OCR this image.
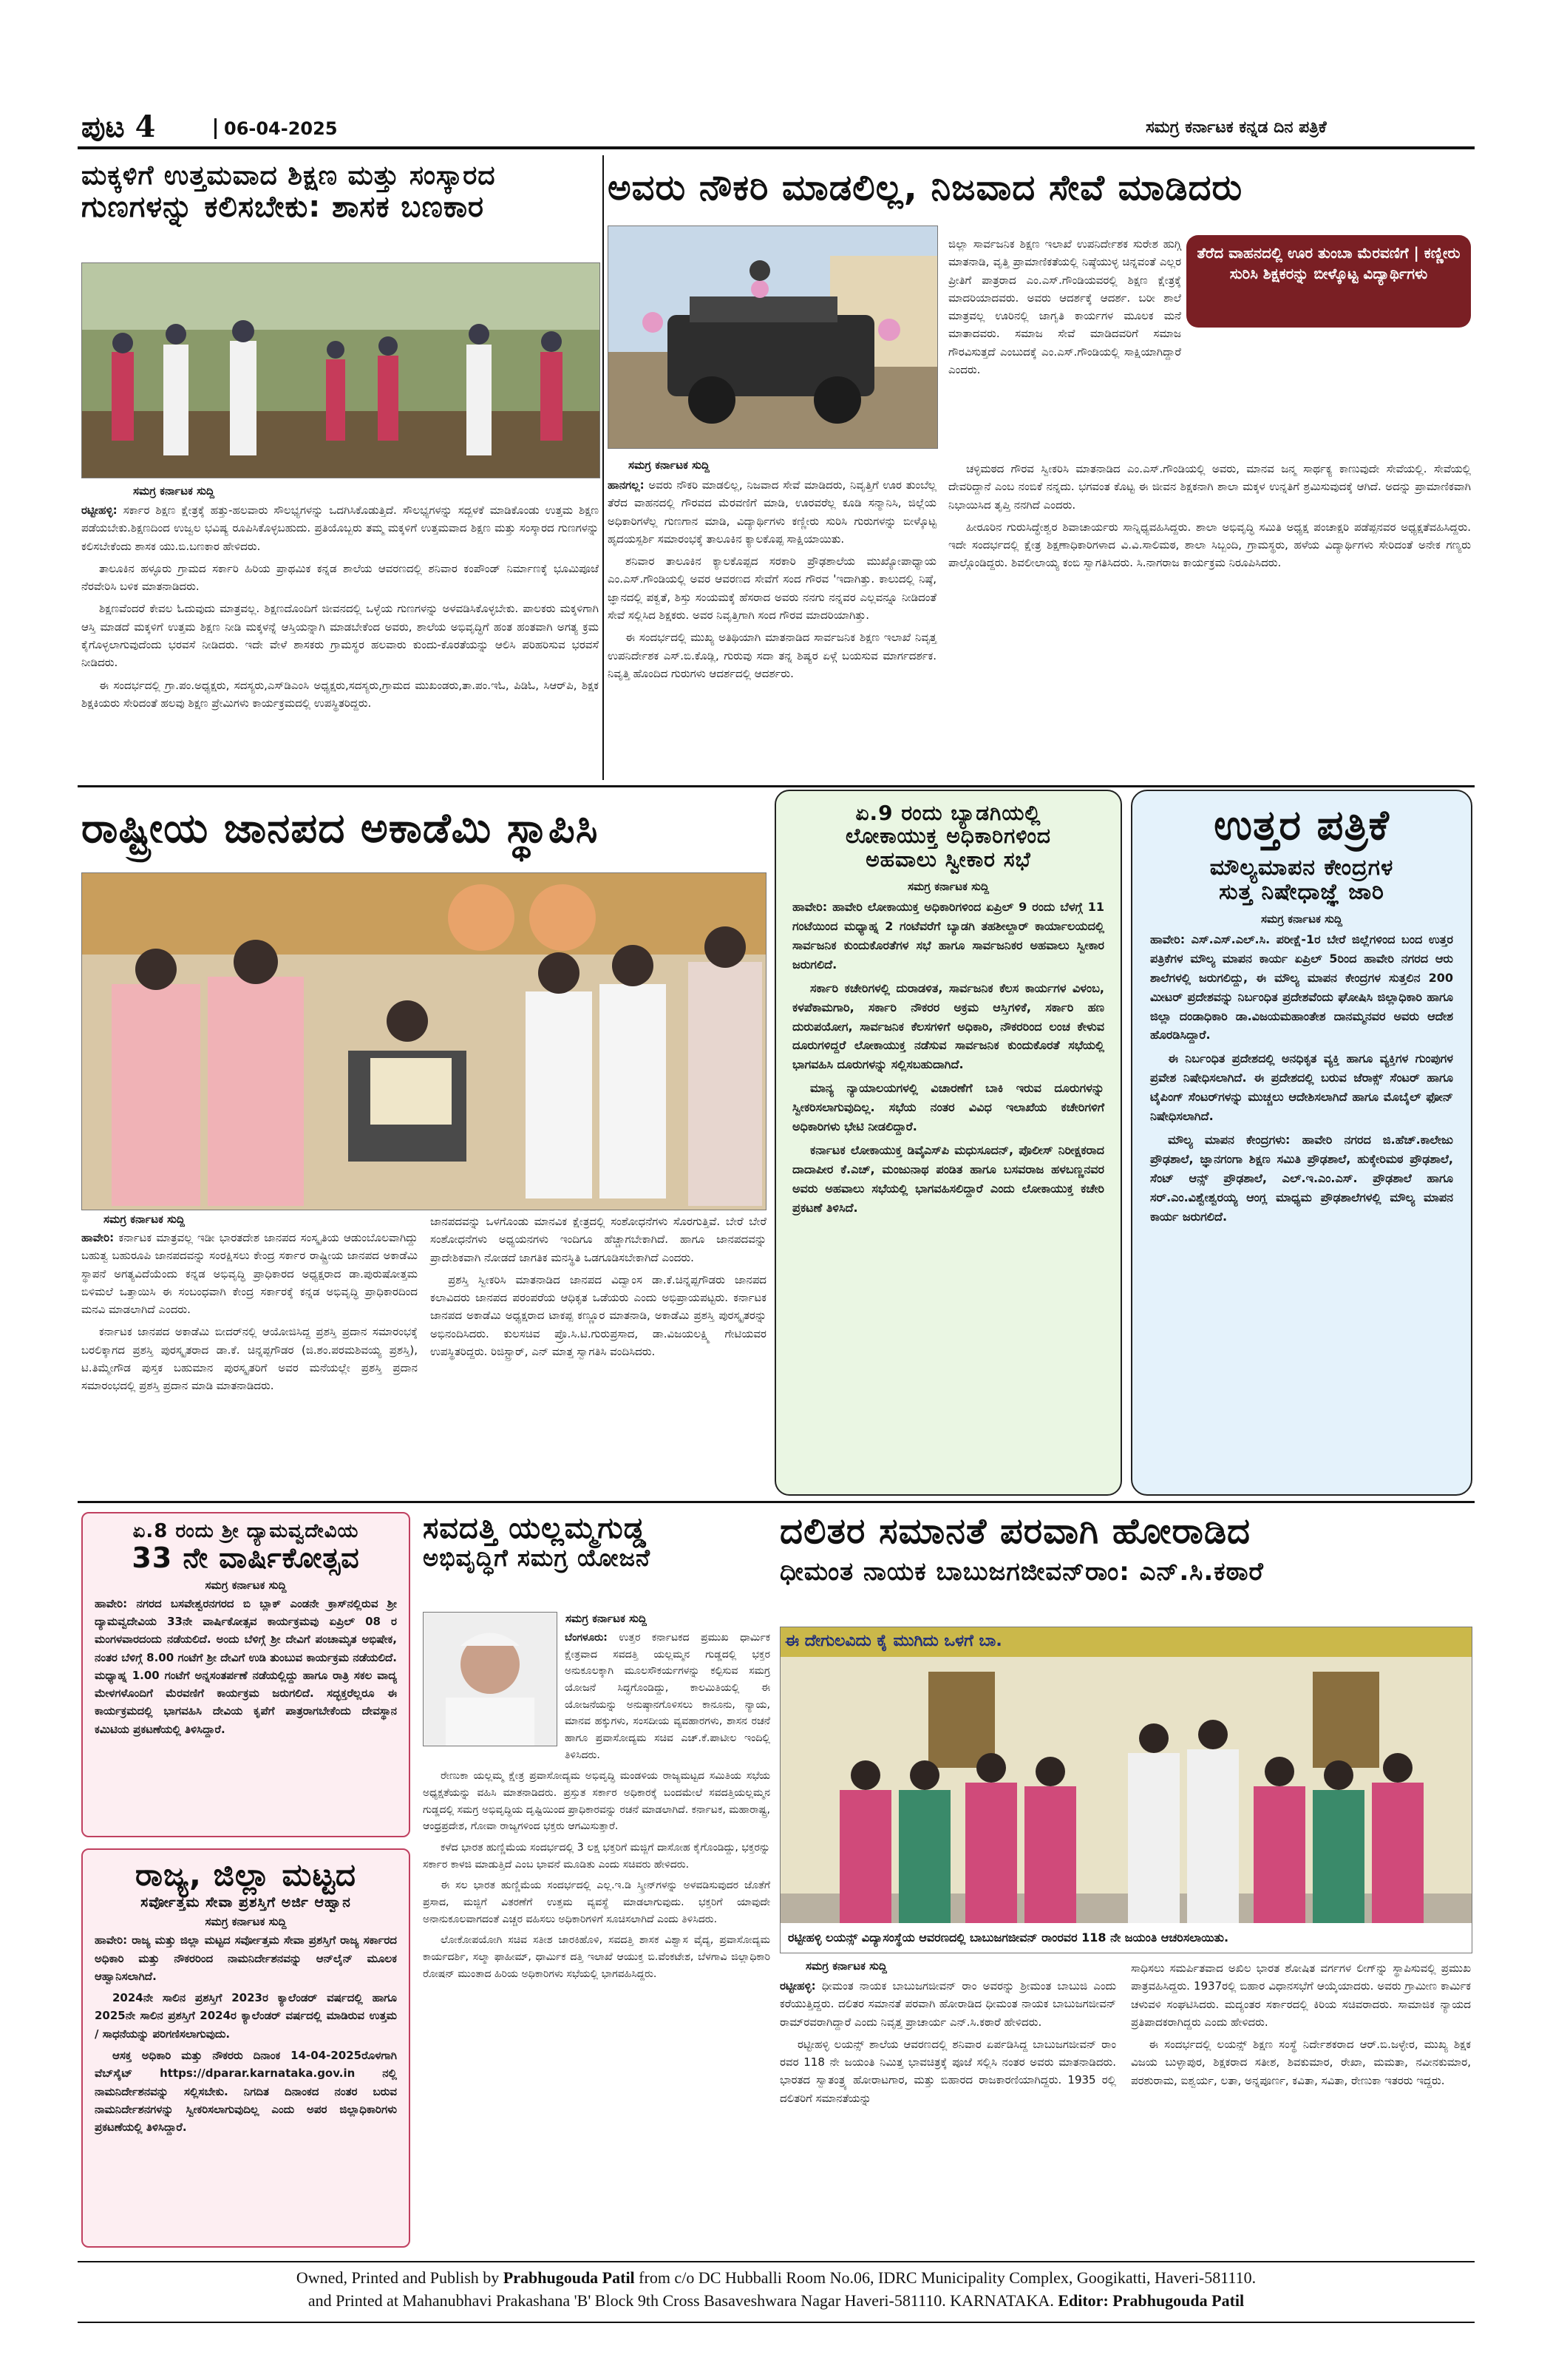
ಪುಟ 4	06-04-2025	ಸಮಗ್ರ ಕರ್ನಾಟಕ ಕನ್ನಡ ದಿನ ಪತ್ರಿಕೆ
ಮಕ್ಕಳಿಗೆ ಉತ್ತಮವಾದ ಶಿಕ್ಷಣ ಮತ್ತು ಸಂಸ್ಕಾರದ
ಗುಣಗಳನ್ನು ಕಲಿಸಬೇಕು: ಶಾಸಕ ಬಣಕಾರ
ಸಮಗ್ರ ಕರ್ನಾಟಕ ಸುದ್ದಿ

ರಟ್ಟೀಹಳ್ಳಿ: ಸರ್ಕಾರ ಶಿಕ್ಷಣ ಕ್ಷೇತ್ರಕ್ಕೆ ಹತ್ತು-ಹಲವಾರು ಸೌಲಭ್ಯಗಳನ್ನು ಒದಗಿಸಿಕೊಡುತ್ತಿದೆ. ಸೌಲಭ್ಯಗಳನ್ನು ಸದ್ಬಳಕೆ ಮಾಡಿಕೊಂಡು ಉತ್ತಮ ಶಿಕ್ಷಣ ಪಡೆಯಬೇಕು.ಶಿಕ್ಷಣದಿಂದ ಉಜ್ವಲ ಭವಿಷ್ಯ ರೂಪಿಸಿಕೊಳ್ಳಬಹುದು. ಪ್ರತಿಯೊಬ್ಬರು ತಮ್ಮ ಮಕ್ಕಳಿಗೆ ಉತ್ತಮವಾದ ಶಿಕ್ಷಣ ಮತ್ತು ಸಂಸ್ಕಾರದ ಗುಣಗಳನ್ನು ಕಲಿಸಬೇಕೆಂದು ಶಾಸಕ ಯು.ಬಿ.ಬಣಕಾರ ಹೇಳಿದರು.

ತಾಲೂಕಿನ ಹಳ್ಳೂರು ಗ್ರಾಮದ ಸರ್ಕಾರಿ ಹಿರಿಯ ಪ್ರಾಥಮಿಕ ಕನ್ನಡ ಶಾಲೆಯ ಆವರಣದಲ್ಲಿ ಶನಿವಾರ ಕಂಪೌಂಡ್ ನಿರ್ಮಾಣಕ್ಕೆ ಭೂಮಿಪೂಜೆ ನೆರವೇರಿಸಿ ಬಳಿಕ ಮಾತನಾಡಿದರು.

ಶಿಕ್ಷಣವೆಂದರೆ ಕೇವಲ ಓದುವುದು ಮಾತ್ರವಲ್ಲ. ಶಿಕ್ಷಣದೊಂದಿಗೆ ಜೀವನದಲ್ಲಿ ಒಳ್ಳೆಯ ಗುಣಗಳನ್ನು ಅಳವಡಿಸಿಕೊಳ್ಳಬೇಕು. ಪಾಲಕರು ಮಕ್ಕಳಿಗಾಗಿ ಆಸ್ತಿ ಮಾಡದೆ ಮಕ್ಕಳಿಗೆ ಉತ್ತಮ ಶಿಕ್ಷಣ ನೀಡಿ ಮಕ್ಕಳನ್ನೆ ಆಸ್ತಿಯನ್ನಾಗಿ ಮಾಡಬೇಕೆಂದ ಅವರು, ಶಾಲೆಯ ಅಭಿವೃದ್ಧಿಗೆ ಹಂತ ಹಂತವಾಗಿ ಅಗತ್ಯ ಕ್ರಮ ಕೈಗೊಳ್ಳಲಾಗುವುದೆಂದು ಭರವಸೆ ನೀಡಿದರು. ಇದೇ ವೇಳೆ ಶಾಸಕರು ಗ್ರಾಮಸ್ಥರ ಹಲವಾರು ಕುಂದು-ಕೊರತೆಯನ್ನು ಆಲಿಸಿ ಪರಿಹರಿಸುವ ಭರವಸೆ ನೀಡಿದರು.

ಈ ಸಂದರ್ಭದಲ್ಲಿ ಗ್ರಾ.ಪಂ.ಅಧ್ಯಕ್ಷರು, ಸದಸ್ಯರು,ಎಸ್‌ಡಿಎಂಸಿ ಅಧ್ಯಕ್ಷರು,ಸದಸ್ಯರು,ಗ್ರಾಮದ ಮುಖಂಡರು,ತಾ.ಪಂ.ಇಓ, ಪಿಡಿಓ, ಸಿಆರ್‌ಪಿ, ಶಿಕ್ಷಕ ಶಿಕ್ಷಕಿಯರು ಸೇರಿದಂತೆ ಹಲವು ಶಿಕ್ಷಣ ಪ್ರೇಮಿಗಳು ಕಾರ್ಯಕ್ರಮದಲ್ಲಿ ಉಪಸ್ಥಿತರಿದ್ದರು.

ಅವರು ನೌಕರಿ ಮಾಡಲಿಲ್ಲ, ನಿಜವಾದ ಸೇವೆ ಮಾಡಿದರು
ತೆರೆದ ವಾಹನದಲ್ಲಿ ಊರ ತುಂಬಾ ಮೆರವಣಿಗೆ | ಕಣ್ಣೀರು ಸುರಿಸಿ ಶಿಕ್ಷಕರನ್ನು ಬೀಳ್ಕೊಟ್ಟ ವಿದ್ಯಾರ್ಥಿಗಳು
ಸಮಗ್ರ ಕರ್ನಾಟಕ ಸುದ್ದಿ

ಹಾನಗಲ್ಲ: ಅವರು ನೌಕರಿ ಮಾಡಲಿಲ್ಲ, ನಿಜವಾದ ಸೇವೆ ಮಾಡಿದರು, ನಿವೃತ್ತಿಗೆ ಊರ ತುಂಬೆಲ್ಲ ತೆರೆದ ವಾಹನದಲ್ಲಿ ಗೌರವದ ಮೆರವಣಿಗೆ ಮಾಡಿ, ಊರವರೆಲ್ಲ ಕೂಡಿ ಸನ್ಮಾನಿಸಿ, ಜಿಲ್ಲೆಯ ಅಧಿಕಾರಿಗಳೆಲ್ಲ ಗುಣಗಾನ ಮಾಡಿ, ವಿದ್ಯಾರ್ಥಿಗಳು ಕಣ್ಣೀರು ಸುರಿಸಿ ಗುರುಗಳನ್ನು ಬೀಳ್ಕೊಟ್ಟ ಹೃದಯಸ್ಪರ್ಶಿ ಸಮಾರಂಭಕ್ಕೆ ತಾಲೂಕಿನ ಕ್ಯಾಲಕೊಪ್ಪ ಸಾಕ್ಷಿಯಾಯಿತು.

ಶನಿವಾರ ತಾಲೂಕಿನ ಕ್ಯಾಲಕೊಪ್ಪದ ಸರಕಾರಿ ಪ್ರೌಢಶಾಲೆಯ ಮುಖ್ಯೋಪಾಧ್ಯಾಯ ಎಂ.ಎಸ್.ಗೌಂಡಿಯಲ್ಲಿ ಅವರ ಆವರಣದ ಸೇವೆಗೆ ಸಂದ ಗೌರವ 'ಇದಾಗಿತ್ತು. ಕಾಲುದಲ್ಲಿ ನಿಷ್ಠೆ, ಜ್ಞಾನದಲ್ಲಿ ಪಕ್ವತೆ, ಶಿಸ್ತು ಸಂಯಮಕ್ಕೆ ಹೆಸರಾದ ಅವರು ನನಗು ನನ್ನವರ ಎಲ್ಲವನ್ನೂ ನೀಡಿದಂತೆ ಸೇವೆ ಸಲ್ಲಿಸಿದ ಶಿಕ್ಷಕರು. ಅವರ ನಿವೃತ್ತಿಗಾಗಿ ಸಂದ ಗೌರವ ಮಾದರಿಯಾಗಿತ್ತು.

ಈ ಸಂದರ್ಭದಲ್ಲಿ ಮುಖ್ಯ ಅತಿಥಿಯಾಗಿ ಮಾತನಾಡಿದ ಸಾರ್ವಜನಿಕ ಶಿಕ್ಷಣ ಇಲಾಖೆ ನಿವೃತ್ತ ಉಪನಿರ್ದೇಶಕ ಎಸ್.ಬಿ.ಕೊಡ್ಲಿ, ಗುರುವು ಸದಾ ತನ್ನ ಶಿಷ್ಯರ ಏಳ್ಗೆ ಬಯಸುವ ಮಾರ್ಗದರ್ಶಕ. ನಿವೃತ್ತಿ ಹೊಂದಿದ ಗುರುಗಳು ಆದರ್ಶದಲ್ಲಿ ಆದರ್ಶರು.

ಜಿಲ್ಲಾ ಸಾರ್ವಜನಿಕ ಶಿಕ್ಷಣ ಇಲಾಖೆ ಉಪನಿರ್ದೇಶಕ ಸುರೇಶ ಹುಗ್ಗಿ ಮಾತನಾಡಿ, ವೃತ್ತಿ ಪ್ರಾಮಾಣಿಕತೆಯಲ್ಲಿ ನಿಷ್ಠೆಯುಳ್ಳ ಚಿನ್ನವಂತೆ ಎಲ್ಲರ ಪ್ರೀತಿಗೆ ಪಾತ್ರರಾದ ಎಂ.ಎಸ್.ಗೌಂಡಿಯವರಲ್ಲಿ ಶಿಕ್ಷಣ ಕ್ಷೇತ್ರಕ್ಕೆ ಮಾದರಿಯಾದವರು. ಅವರು ಆದರ್ಶಕ್ಕೆ ಆದರ್ಶ. ಬರೀ ಶಾಲೆ ಮಾತ್ರವಲ್ಲ ಊರಿನಲ್ಲಿ ಜಾಗೃತಿ ಕಾರ್ಯಗಳ ಮೂಲಕ ಮನೆ ಮಾತಾದವರು. ಸಮಾಜ ಸೇವೆ ಮಾಡಿದವರಿಗೆ ಸಮಾಜ ಗೌರವಿಸುತ್ತದೆ ಎಂಬುದಕ್ಕೆ ಎಂ.ಎಸ್.ಗೌಂಡಿಯಲ್ಲಿ ಸಾಕ್ಷಿಯಾಗಿದ್ದಾರೆ ಎಂದರು.

ಚಳ್ಳಿಮಠದ ಗೌರವ ಸ್ವೀಕರಿಸಿ ಮಾತನಾಡಿದ ಎಂ.ಎಸ್.ಗೌಂಡಿಯಲ್ಲಿ ಅವರು, ಮಾನವ ಜನ್ಮ ಸಾರ್ಥಕ್ಯ ಕಾಣುವುದೇ ಸೇವೆಯಲ್ಲಿ. ಸೇವೆಯಲ್ಲಿ ದೇವರಿದ್ದಾನೆ ಎಂಬ ನಂಬಿಕೆ ನನ್ನದು. ಭಗವಂತ ಕೊಟ್ಟ ಈ ಜೀವನ ಶಿಕ್ಷಕನಾಗಿ ಶಾಲಾ ಮಕ್ಕಳ ಉನ್ನತಿಗೆ ಶ್ರಮಿಸುವುದಕ್ಕೆ ಆಗಿದೆ. ಅದನ್ನು ಪ್ರಾಮಾಣಿಕವಾಗಿ ನಿಭಾಯಿಸಿದ ತೃಪ್ತಿ ನನಗಿದೆ ಎಂದರು.

ಹೀರೂರಿನ ಗುರುಸಿದ್ಧೇಶ್ವರ ಶಿವಾಚಾರ್ಯರು ಸಾನ್ನಿಧ್ಯವಹಿಸಿದ್ದರು. ಶಾಲಾ ಅಭಿವೃದ್ಧಿ ಸಮಿತಿ ಅಧ್ಯಕ್ಷ ಪಂಚಾಕ್ಷರಿ ಪಡೆಪ್ಪನವರ ಅಧ್ಯಕ್ಷತೆವಹಿಸಿದ್ದರು. ಇದೇ ಸಂದರ್ಭದಲ್ಲಿ ಕ್ಷೇತ್ರ ಶಿಕ್ಷಣಾಧಿಕಾರಿಗಳಾದ ವಿ.ವಿ.ಸಾಲಿಮಠ, ಶಾಲಾ ಸಿಬ್ಬಂದಿ, ಗ್ರಾಮಸ್ಥರು, ಹಳೆಯ ವಿದ್ಯಾರ್ಥಿಗಳು ಸೇರಿದಂತೆ ಅನೇಕ ಗಣ್ಯರು ಪಾಲ್ಗೊಂಡಿದ್ದರು. ಶಿವಲೀಲಾಯ್ಯ ಕಂಬಿ ಸ್ವಾಗತಿಸಿದರು. ಸಿ.ನಾಗರಾಜ ಕಾರ್ಯಕ್ರಮ ನಿರೂಪಿಸಿದರು.

ರಾಷ್ಟ್ರೀಯ ಜಾನಪದ ಅಕಾಡೆಮಿ ಸ್ಥಾಪಿಸಿ
ಸಮಗ್ರ ಕರ್ನಾಟಕ ಸುದ್ದಿ

ಹಾವೇರಿ: ಕರ್ನಾಟಕ ಮಾತ್ರವಲ್ಲ ಇಡೀ ಭಾರತದೇಶ ಜಾನಪದ ಸಂಸ್ಕೃತಿಯ ಆಡುಂಬೊಲವಾಗಿದ್ದು ಬಹುತ್ವ ಬಹುರೂಪಿ ಜಾನಪದವನ್ನು ಸಂರಕ್ಷಿಸಲು ಕೇಂದ್ರ ಸರ್ಕಾರ ರಾಷ್ಟ್ರೀಯ ಜಾನಪದ ಅಕಾಡೆಮಿ ಸ್ಥಾಪನೆ ಅಗತ್ಯವಿದೆಯೆಂದು ಕನ್ನಡ ಅಭಿವೃದ್ಧಿ ಪ್ರಾಧಿಕಾರದ ಅಧ್ಯಕ್ಷರಾದ ಡಾ.ಪುರುಷೋತ್ತಮ ಬಿಳಿಮಲೆ ಒತ್ತಾಯಿಸಿ ಈ ಸಂಬಂಧವಾಗಿ ಕೇಂದ್ರ ಸರ್ಕಾರಕ್ಕೆ ಕನ್ನಡ ಅಭಿವೃದ್ಧಿ ಪ್ರಾಧಿಕಾರದಿಂದ ಮನವಿ ಮಾಡಲಾಗಿದೆ ಎಂದರು.

ಕರ್ನಾಟಕ ಜಾನಪದ ಅಕಾಡೆಮಿ ಬೀದರ್‌ನಲ್ಲಿ ಆಯೋಜಿಸಿದ್ದ ಪ್ರಶಸ್ತಿ ಪ್ರದಾನ ಸಮಾರಂಭಕ್ಕೆ ಬರಲಿಕ್ಕಾಗದ ಪ್ರಶಸ್ತಿ ಪುರಸ್ಕೃತರಾದ ಡಾ.ಕೆ. ಚಿನ್ನಪ್ಪಗೌಡರ (ಜಿ.ಶಂ.ಪರಮಶಿವಯ್ಯ ಪ್ರಶಸ್ತಿ), ಟಿ.ತಿಮ್ಮೇಗೌಡ ಪುಸ್ತಕ ಬಹುಮಾನ ಪುರಸ್ಕೃತರಿಗೆ ಅವರ ಮನೆಯಲ್ಲೇ ಪ್ರಶಸ್ತಿ ಪ್ರದಾನ ಸಮಾರಂಭದಲ್ಲಿ ಪ್ರಶಸ್ತಿ ಪ್ರದಾನ ಮಾಡಿ ಮಾತನಾಡಿದರು.

ಜಾನಪದವನ್ನು ಒಳಗೊಂಡು ಮಾನವಿಕ ಕ್ಷೇತ್ರದಲ್ಲಿ ಸಂಶೋಧನೆಗಳು ಸೊರಗುತ್ತಿವೆ. ಬೇರೆ ಬೇರೆ ಸಂಶೋಧನೆಗಳು ಅಧ್ಯಯನಗಳು ಇಂದಿಗೂ ಹೆಚ್ಚಾಗಬೇಕಾಗಿದೆ. ಹಾಗೂ ಜಾನಪದವನ್ನು ಪ್ರಾದೇಶಿಕವಾಗಿ ನೋಡದೆ ಜಾಗತಿಕ ಮನಸ್ಥಿತಿ ಒಡಗೂಡಿಸಬೇಕಾಗಿದೆ ಎಂದರು.

ಪ್ರಶಸ್ತಿ ಸ್ವೀಕರಿಸಿ ಮಾತನಾಡಿದ ಜಾನಪದ ವಿದ್ವಾಂಸ ಡಾ.ಕೆ.ಚಿನ್ನಪ್ಪಗೌಡರು ಜಾನಪದ ಕಲಾವಿದರು ಜಾನಪದ ಪರಂಪರೆಯ ಆಧಿಕೃತ ಒಡೆಯರು ಎಂದು ಅಭಿಪ್ರಾಯಪಟ್ಟರು. ಕರ್ನಾಟಕ ಜಾನಪದ ಅಕಾಡೆಮಿ ಅಧ್ಯಕ್ಷರಾದ ಟಾಕಪ್ಪ ಕಣ್ಣೂರ ಮಾತನಾಡಿ, ಅಕಾಡೆಮಿ ಪ್ರಶಸ್ತಿ ಪುರಸ್ಕೃತರನ್ನು ಅಭಿನಂದಿಸಿದರು. ಕುಲಸಚಿವ ಪ್ರೊ.ಸಿ.ಟಿ.ಗುರುಪ್ರಸಾದ, ಡಾ.ವಿಜಯಲಕ್ಷ್ಮಿ ಗೇಟಿಯವರ ಉಪಸ್ಥಿತರಿದ್ದರು. ರಿಜಿಸ್ಟ್ರಾರ್, ಎನ್ ಮಾತ್ತ ಸ್ವಾಗತಿಸಿ ವಂದಿಸಿದರು.

ಏ.9 ರಂದು ಬ್ಯಾಡಗಿಯಲ್ಲಿ
ಲೋಕಾಯುಕ್ತ ಅಧಿಕಾರಿಗಳಿಂದ
ಅಹವಾಲು ಸ್ವೀಕಾರ ಸಭೆ
ಸಮಗ್ರ ಕರ್ನಾಟಕ ಸುದ್ದಿ

ಹಾವೇರಿ: ಹಾವೇರಿ ಲೋಕಾಯುಕ್ತ ಅಧಿಕಾರಿಗಳಿಂದ ಏಪ್ರಿಲ್ 9 ರಂದು ಬೆಳಗ್ಗೆ 11 ಗಂಟೆಯಿಂದ ಮಧ್ಯಾಹ್ನ 2 ಗಂಟೆವರೆಗೆ ಬ್ಯಾಡಗಿ ತಹಶೀಲ್ದಾರ್ ಕಾರ್ಯಾಲಯದಲ್ಲಿ ಸಾರ್ವಜನಿಕ ಕುಂದುಕೊರತೆಗಳ ಸಭೆ ಹಾಗೂ ಸಾರ್ವಜನಿಕರ ಅಹವಾಲು ಸ್ವೀಕಾರ ಜರುಗಲಿದೆ.

ಸರ್ಕಾರಿ ಕಚೇರಿಗಳಲ್ಲಿ ದುರಾಡಳಿತ, ಸಾರ್ವಜನಿಕ ಕೆಲಸ ಕಾರ್ಯಗಳ ವಿಳಂಬ, ಕಳಪೆಕಾಮಗಾರಿ, ಸರ್ಕಾರಿ ನೌಕರರ ಅಕ್ರಮ ಆಸ್ತಿಗಳಿಕೆ, ಸರ್ಕಾರಿ ಹಣ ದುರುಪಯೋಗ, ಸಾರ್ವಜನಿಕ ಕೆಲಸಗಳಿಗೆ ಅಧಿಕಾರಿ, ನೌಕರರಿಂದ ಲಂಚ ಕೇಳುವ ದೂರುಗಳಿದ್ದರೆ ಲೋಕಾಯುಕ್ತ ನಡೆಸುವ ಸಾರ್ವಜನಿಕ ಕುಂದುಕೊರತೆ ಸಭೆಯಲ್ಲಿ ಭಾಗವಹಿಸಿ ದೂರುಗಳನ್ನು ಸಲ್ಲಿಸಬಹುದಾಗಿದೆ.

ಮಾನ್ಯ ನ್ಯಾಯಾಲಯಗಳಲ್ಲಿ ವಿಚಾರಣೆಗೆ ಬಾಕಿ ಇರುವ ದೂರುಗಳನ್ನು ಸ್ವೀಕರಿಸಲಾಗುವುದಿಲ್ಲ. ಸಭೆಯ ನಂತರ ವಿವಿಧ ಇಲಾಖೆಯ ಕಚೇರಿಗಳಿಗೆ ಅಧಿಕಾರಿಗಳು ಭೇಟಿ ನೀಡಲಿದ್ದಾರೆ.

ಕರ್ನಾಟಕ ಲೋಕಾಯುಕ್ತ ಡಿವೈಎಸ್‌ಪಿ ಮಧುಸೂದನ್, ಪೊಲೀಸ್ ನಿರೀಕ್ಷಕರಾದ ದಾದಾಪೀರ ಕೆ.ಎಚ್, ಮಂಜುನಾಥ ಪಂಡಿತ ಹಾಗೂ ಬಸವರಾಜ ಹಳಬಣ್ಣನವರ ಅವರು ಅಹವಾಲು ಸಭೆಯಲ್ಲಿ ಭಾಗವಹಿಸಲಿದ್ದಾರೆ ಎಂದು ಲೋಕಾಯುಕ್ತ ಕಚೇರಿ ಪ್ರಕಟಣೆ ತಿಳಿಸಿದೆ.

ಉತ್ತರ ಪತ್ರಿಕೆ
ಮೌಲ್ಯಮಾಪನ ಕೇಂದ್ರಗಳ
ಸುತ್ತ ನಿಷೇಧಾಜ್ಞೆ ಜಾರಿ
ಸಮಗ್ರ ಕರ್ನಾಟಕ ಸುದ್ದಿ

ಹಾವೇರಿ: ಎಸ್.ಎಸ್.ಎಲ್.ಸಿ. ಪರೀಕ್ಷೆ-1ರ ಬೇರೆ ಜಿಲ್ಲೆಗಳಿಂದ ಬಂದ ಉತ್ತರ ಪತ್ರಿಕೆಗಳ ಮೌಲ್ಯ ಮಾಪನ ಕಾರ್ಯ ಏಪ್ರಿಲ್ 5ರಿಂದ ಹಾವೇರಿ ನಗರದ ಆರು ಶಾಲೆಗಳಲ್ಲಿ ಜರುಗಲಿದ್ದು, ಈ ಮೌಲ್ಯ ಮಾಪನ ಕೇಂದ್ರಗಳ ಸುತ್ತಲಿನ 200 ಮೀಟರ್ ಪ್ರದೇಶವನ್ನು ನಿರ್ಬಂಧಿತ ಪ್ರದೇಶವೆಂದು ಘೋಷಿಸಿ ಜಿಲ್ಲಾಧಿಕಾರಿ ಹಾಗೂ ಜಿಲ್ಲಾ ದಂಡಾಧಿಕಾರಿ ಡಾ.ವಿಜಯಮಹಾಂತೇಶ ದಾನಮ್ಮನವರ ಅವರು ಆದೇಶ ಹೊರಡಿಸಿದ್ದಾರೆ.

ಈ ನಿರ್ಬಂಧಿತ ಪ್ರದೇಶದಲ್ಲಿ ಅನಧಿಕೃತ ವ್ಯಕ್ತಿ ಹಾಗೂ ವ್ಯಕ್ತಿಗಳ ಗುಂಪುಗಳ ಪ್ರವೇಶ ನಿಷೇಧಿಸಲಾಗಿದೆ. ಈ ಪ್ರದೇಶದಲ್ಲಿ ಬರುವ ಜೆರಾಕ್ಸ್ ಸೆಂಟರ್ ಹಾಗೂ ಟೈಪಿಂಗ್ ಸೆಂಟರ್‌ಗಳನ್ನು ಮುಚ್ಚಲು ಆದೇಶಿಸಲಾಗಿದೆ ಹಾಗೂ ಮೊಬೈಲ್ ಫೋನ್ ನಿಷೇಧಿಸಲಾಗಿದೆ.

ಮೌಲ್ಯ ಮಾಪನ ಕೇಂದ್ರಗಳು: ಹಾವೇರಿ ನಗರದ ಜಿ.ಹೆಚ್.ಕಾಲೇಜು ಪ್ರೌಢಶಾಲೆ, ಜ್ಞಾನಗಂಗಾ ಶಿಕ್ಷಣ ಸಮಿತಿ ಪ್ರೌಢಶಾಲೆ, ಹುಕ್ಕೇರಿಮಠ ಪ್ರೌಢಶಾಲೆ, ಸೆಂಟ್ ಆನ್ಸ್ ಪ್ರೌಢಶಾಲೆ, ಎಲ್.ಇ.ಎಂ.ಎಸ್. ಪ್ರೌಢಶಾಲೆ ಹಾಗೂ ಸರ್.ಎಂ.ವಿಶ್ವೇಶ್ವರಯ್ಯ ಆಂಗ್ಲ ಮಾಧ್ಯಮ ಪ್ರೌಢಶಾಲೆಗಳಲ್ಲಿ ಮೌಲ್ಯ ಮಾಪನ ಕಾರ್ಯ ಜರುಗಲಿದೆ.

ಏ.8 ರಂದು ಶ್ರೀ ದ್ಯಾಮವ್ವದೇವಿಯ
33 ನೇ ವಾರ್ಷಿಕೋತ್ಸವ
ಸಮಗ್ರ ಕರ್ನಾಟಕ ಸುದ್ದಿ

ಹಾವೇರಿ: ನಗರದ ಬಸವೇಶ್ವರನಗರದ ಬಿ ಬ್ಲಾಕ್ ಎಂಡನೇ ಕ್ರಾಸ್‌ನಲ್ಲಿರುವ ಶ್ರೀ ದ್ಯಾಮವ್ವದೇವಿಯ 33ನೇ ವಾರ್ಷಿಕೋತ್ಸವ ಕಾರ್ಯಕ್ರಮವು ಏಪ್ರಿಲ್ 08 ರ ಮಂಗಳವಾರದಂದು ನಡೆಯಲಿದೆ. ಅಂದು ಬೆಳಿಗ್ಗೆ ಶ್ರೀ ದೇವಿಗೆ ಪಂಚಾಮೃತ ಅಭಿಷೇಕ, ನಂತರ ಬೆಳಿಗ್ಗೆ 8.00 ಗಂಟೆಗೆ ಶ್ರೀ ದೇವಿಗೆ ಉಡಿ ತುಂಬುವ ಕಾರ್ಯಕ್ರಮ ನಡೆಯಲಿದೆ. ಮಧ್ಯಾಹ್ನ 1.00 ಗಂಟೆಗೆ ಅನ್ನಸಂತರ್ಪಣೆ ನಡೆಯಲ್ಲಿದ್ದು ಹಾಗೂ ರಾತ್ರಿ ಸಕಲ ವಾದ್ಯ ಮೇಳಗಳೊಂದಿಗೆ ಮೆರವಣಿಗೆ ಕಾರ್ಯಕ್ರಮ ಜರುಗಲಿದೆ. ಸದ್ಭಕ್ತರೆಲ್ಲರೂ ಈ ಕಾರ್ಯಕ್ರಮದಲ್ಲಿ ಭಾಗವಹಿಸಿ ದೇವಿಯ ಕೃಪೆಗೆ ಪಾತ್ರರಾಗಬೇಕೆಂದು ದೇವಸ್ಥಾನ ಕಮಿಟಿಯ ಪ್ರಕಟಣೆಯಲ್ಲಿ ತಿಳಿಸಿದ್ದಾರೆ.

ರಾಜ್ಯ, ಜಿಲ್ಲಾ ಮಟ್ಟದ
ಸರ್ವೋತ್ತಮ ಸೇವಾ ಪ್ರಶಸ್ತಿಗೆ ಅರ್ಜಿ ಆಹ್ವಾನ
ಸಮಗ್ರ ಕರ್ನಾಟಕ ಸುದ್ದಿ

ಹಾವೇರಿ: ರಾಜ್ಯ ಮತ್ತು ಜಿಲ್ಲಾ ಮಟ್ಟದ ಸರ್ವೋತ್ತಮ ಸೇವಾ ಪ್ರಶಸ್ತಿಗೆ ರಾಜ್ಯ ಸರ್ಕಾರದ ಅಧಿಕಾರಿ ಮತ್ತು ನೌಕರರಿಂದ ನಾಮನಿರ್ದೇಶನವನ್ನು ಆನ್‌ಲೈನ್ ಮೂಲಕ ಆಹ್ವಾನಿಸಲಾಗಿದೆ.

2024ನೇ ಸಾಲಿನ ಪ್ರಶಸ್ತಿಗೆ 2023ರ ಕ್ಯಾಲೆಂಡರ್ ವರ್ಷದಲ್ಲಿ ಹಾಗೂ 2025ನೇ ಸಾಲಿನ ಪ್ರಶಸ್ತಿಗೆ 2024ರ ಕ್ಯಾಲೆಂಡರ್ ವರ್ಷದಲ್ಲಿ ಮಾಡಿರುವ ಉತ್ತಮ / ಸಾಧನೆಯನ್ನು ಪರಿಗಣಿಸಲಾಗುವುದು.

ಆಸಕ್ತ ಅಧಿಕಾರಿ ಮತ್ತು ನೌಕರರು ದಿನಾಂಕ 14-04-2025ರೊಳಗಾಗಿ ವೆಬ್‌ಸೈಟ್ https://dparar.karnataka.gov.in ನಲ್ಲಿ ನಾಮನಿರ್ದೇಶನವನ್ನು ಸಲ್ಲಿಸಬೇಕು. ನಿಗದಿತ ದಿನಾಂಕದ ನಂತರ ಬರುವ ನಾಮನಿರ್ದೇಶನಗಳನ್ನು ಸ್ವೀಕರಿಸಲಾಗುವುದಿಲ್ಲ ಎಂದು ಅಪರ ಜಿಲ್ಲಾಧಿಕಾರಿಗಳು ಪ್ರಕಟಣೆಯಲ್ಲಿ ತಿಳಿಸಿದ್ದಾರೆ.

ಸವದತ್ತಿ ಯಲ್ಲಮ್ಮಗುಡ್ಡ
ಅಭಿವೃದ್ಧಿಗೆ ಸಮಗ್ರ ಯೋಜನೆ
ಸಮಗ್ರ ಕರ್ನಾಟಕ ಸುದ್ದಿ

ಬೆಂಗಳೂರು: ಉತ್ತರ ಕರ್ನಾಟಕದ ಪ್ರಮುಖ ಧಾರ್ಮಿಕ ಕ್ಷೇತ್ರವಾದ ಸವದತ್ತಿ ಯಲ್ಲಮ್ಮನ ಗುಡ್ಡದಲ್ಲಿ ಭಕ್ತರ ಅನುಕೂಲಕ್ಕಾಗಿ ಮೂಲಸೌಕರ್ಯಗಳನ್ನು ಕಲ್ಪಿಸುವ ಸಮಗ್ರ ಯೋಜನೆ ಸಿದ್ಧಗೊಂಡಿದ್ದು, ಕಾಲಮಿತಿಯಲ್ಲಿ ಈ ಯೋಜನೆಯನ್ನು ಅನುಷ್ಠಾನಗೊಳಿಸಲು ಕಾನೂನು, ನ್ಯಾಯ, ಮಾನವ ಹಕ್ಕುಗಳು, ಸಂಸದೀಯ ವ್ಯವಹಾರಗಳು, ಶಾಸನ ರಚನೆ ಹಾಗೂ ಪ್ರವಾಸೋದ್ಯಮ ಸಚಿವ ಎಚ್.ಕೆ.ಪಾಟೀಲ ಇಂದಿಲ್ಲಿ ತಿಳಿಸಿದರು.

ರೇಣುಕಾ ಯಲ್ಲಮ್ಮ ಕ್ಷೇತ್ರ ಪ್ರವಾಸೋದ್ಯಮ ಅಭಿವೃದ್ಧಿ ಮಂಡಳಿಯ ರಾಜ್ಯಮಟ್ಟದ ಸಮಿತಿಯ ಸಭೆಯ ಅಧ್ಯಕ್ಷತೆಯನ್ನು ವಹಿಸಿ ಮಾತನಾಡಿದರು. ಪ್ರಸ್ತುತ ಸರ್ಕಾರ ಅಧಿಕಾರಕ್ಕೆ ಬಂದಮೇಲೆ ಸವದತ್ತಿಯಲ್ಲಮ್ಮನ ಗುಡ್ಡದಲ್ಲಿ ಸಮಗ್ರ ಅಭಿವೃದ್ಧಿಯ ದೃಷ್ಟಿಯಿಂದ ಪ್ರಾಧಿಕಾರವನ್ನು ರಚನೆ ಮಾಡಲಾಗಿದೆ. ಕರ್ನಾಟಕ, ಮಹಾರಾಷ್ಟ್ರ, ಆಂಧ್ರಪ್ರದೇಶ, ಗೋವಾ ರಾಜ್ಯಗಳಿಂದ ಭಕ್ತರು ಆಗಮಿಸುತ್ತಾರೆ.

ಕಳೆದ ಭಾರತ ಹುಣ್ಣಿಮೆಯ ಸಂದರ್ಭದಲ್ಲಿ 3 ಲಕ್ಷ ಭಕ್ತರಿಗೆ ಮಜ್ಜಿಗೆ ದಾಸೋಹ ಕೈಗೊಂಡಿದ್ದು, ಭಕ್ತರನ್ನು ಸರ್ಕಾರ ಕಾಳಜಿ ಮಾಡುತ್ತಿದೆ ಎಂಬ ಭಾವನೆ ಮೂಡಿತು ಎಂದು ಸಚಿವರು ಹೇಳಿದರು.

ಈ ಸಲ ಭಾರತ ಹುಣ್ಣಿಮೆಯ ಸಂದರ್ಭದಲ್ಲಿ ಎಲ್ಲ.ಇ.ಡಿ ಸ್ಕ್ರೀನ್‌ಗಳನ್ನು ಅಳವಡಿಸುವುದರ ಜೊತೆಗೆ ಪ್ರಸಾದ, ಮಜ್ಜಿಗೆ ವಿತರಣೆಗೆ ಉತ್ತಮ ವ್ಯವಸ್ಥೆ ಮಾಡಲಾಗುವುದು. ಭಕ್ತರಿಗೆ ಯಾವುದೇ ಅನಾನುಕೂಲವಾಗದಂತೆ ಎಚ್ಚರ ವಹಿಸಲು ಅಧಿಕಾರಿಗಳಿಗೆ ಸೂಚಿಸಲಾಗಿದೆ ಎಂದು ತಿಳಿಸಿದರು.

ಲೋಕೋಪಯೋಗಿ ಸಚಿವ ಸತೀಶ ಜಾರಕಿಹೊಳಿ, ಸವದತ್ತಿ ಶಾಸಕ ವಿಶ್ವಾಸ ವೈದ್ಯ, ಪ್ರವಾಸೋದ್ಯಮ ಕಾರ್ಯದರ್ಶಿ, ಸಲ್ಮಾ ಫಾಹೀಮ್, ಧಾರ್ಮಿಕ ದತ್ತಿ ಇಲಾಖೆ ಆಯುಕ್ತ ಬಿ.ವೆಂಕಟೇಶ, ಬೆಳಗಾವಿ ಜಿಲ್ಲಾಧಿಕಾರಿ ರೋಷನ್ ಮುಂತಾದ ಹಿರಿಯ ಅಧಿಕಾರಿಗಳು ಸಭೆಯಲ್ಲಿ ಭಾಗವಹಿಸಿದ್ದರು.

ದಲಿತರ ಸಮಾನತೆ ಪರವಾಗಿ ಹೋರಾಡಿದ
ಧೀಮಂತ ನಾಯಕ ಬಾಬುಜಗಜೀವನ್‌ರಾಂ: ಎನ್.ಸಿ.ಕಠಾರೆ
ಈ ದೇಗುಲವಿದು ಕೈ ಮುಗಿದು ಒಳಗೆ ಬಾ.
ರಟ್ಟೀಹಳ್ಳಿ ಲಯನ್ಸ್ ವಿದ್ಯಾಸಂಸ್ಥೆಯ ಆವರಣದಲ್ಲಿ ಬಾಬುಜಗಜೀವನ್ ರಾಂರವರ 118 ನೇ ಜಯಂತಿ ಆಚರಿಸಲಾಯಿತು.
ಸಮಗ್ರ ಕರ್ನಾಟಕ ಸುದ್ದಿ

ರಟ್ಟೀಹಳ್ಳಿ: ಧೀಮಂತ ನಾಯಕ ಬಾಬುಜಗಜೀವನ್ ರಾಂ ಅವರನ್ನು ಶ್ರೀಮಂತ ಬಾಬುಜಿ ಎಂದು ಕರೆಯುತ್ತಿದ್ದರು. ದಲಿತರ ಸಮಾನತೆ ಪರವಾಗಿ ಹೋರಾಡಿದ ಧೀಮಂತ ನಾಯಕ ಬಾಬುಜಗಜೀವನ್ ರಾಮ್‌ರವರಾಗಿದ್ದಾರೆ ಎಂದು ನಿವೃತ್ತ ಪ್ರಾಚಾರ್ಯ ಎನ್.ಸಿ.ಕಠಾರೆ ಹೇಳಿದರು.

ರಟ್ಟೀಹಳ್ಳಿ ಲಯನ್ಸ್ ಶಾಲೆಯ ಆವರಣದಲ್ಲಿ ಶನಿವಾರ ಏರ್ಪಡಿಸಿದ್ದ ಬಾಬುಜಗಜೀವನ್ ರಾಂ ರವರ 118 ನೇ ಜಯಂತಿ ನಿಮಿತ್ತ ಭಾವಚಿತ್ರಕ್ಕೆ ಪೂಜೆ ಸಲ್ಲಿಸಿ ನಂತರ ಅವರು ಮಾತನಾಡಿದರು. ಭಾರತದ ಸ್ವಾತಂತ್ರ್ಯ ಹೋರಾಟಗಾರ, ಮತ್ತು ಬಿಹಾರದ ರಾಜಕಾರಣಿಯಾಗಿದ್ದರು. 1935 ರಲ್ಲಿ ದಲಿತರಿಗೆ ಸಮಾನತೆಯನ್ನು

ಸಾಧಿಸಲು ಸಮರ್ಪಿತವಾದ ಅಖಿಲ ಭಾರತ ಶೋಷಿತ ವರ್ಗಗಳ ಲೀಗ್‌ನ್ನು ಸ್ಥಾಪಿಸುವಲ್ಲಿ ಪ್ರಮುಖ ಪಾತ್ರವಹಿಸಿದ್ದರು. 1937ರಲ್ಲಿ ಬಿಹಾರ ವಿಧಾನಸಭೆಗೆ ಆಯ್ಕೆಯಾದರು. ಅವರು ಗ್ರಾಮೀಣ ಕಾರ್ಮಿಕ ಚಳುವಳಿ ಸಂಘಟಿಸಿದರು. ಮದ್ಯಂತರ ಸರ್ಕಾರದಲ್ಲಿ ಕಿರಿಯ ಸಚಿವರಾದರು. ಸಾಮಾಜಿಕ ನ್ಯಾಯದ ಪ್ರತಿಪಾದಕರಾಗಿದ್ದರು ಎಂದು ಹೇಳಿದರು.

ಈ ಸಂದರ್ಭದಲ್ಲಿ ಲಯನ್ಸ್ ಶಿಕ್ಷಣ ಸಂಸ್ಥೆ ನಿರ್ದೇಶಕರಾದ ಆರ್.ಬಿ.ಜಳ್ಳೇರ, ಮುಖ್ಯ ಶಿಕ್ಷಕ ವಿಜಯ ಬುಳ್ಳಾಪುರ, ಶಿಕ್ಷಕರಾದ ಸತೀಶ, ಶಿವಕುಮಾರ, ರೇಖಾ, ಮಮತಾ, ನವೀನಕುಮಾರ, ಪರಶುರಾಮ, ಐಶ್ವರ್ಯ, ಲತಾ, ಅನ್ನಪೂರ್ಣ, ಕವಿತಾ, ಸವಿತಾ, ರೇಣುಕಾ ಇತರರು ಇದ್ದರು.

Owned, Printed and Publish by Prabhugouda Patil from c/o DC Hubballi Room No.06, IDRC Municipality Complex, Googikatti, Haveri-581110.
and Printed at Mahanubhavi Prakashana 'B' Block 9th Cross Basaveshwara Nagar Haveri-581110. KARNATAKA. Editor: Prabhugouda Patil
